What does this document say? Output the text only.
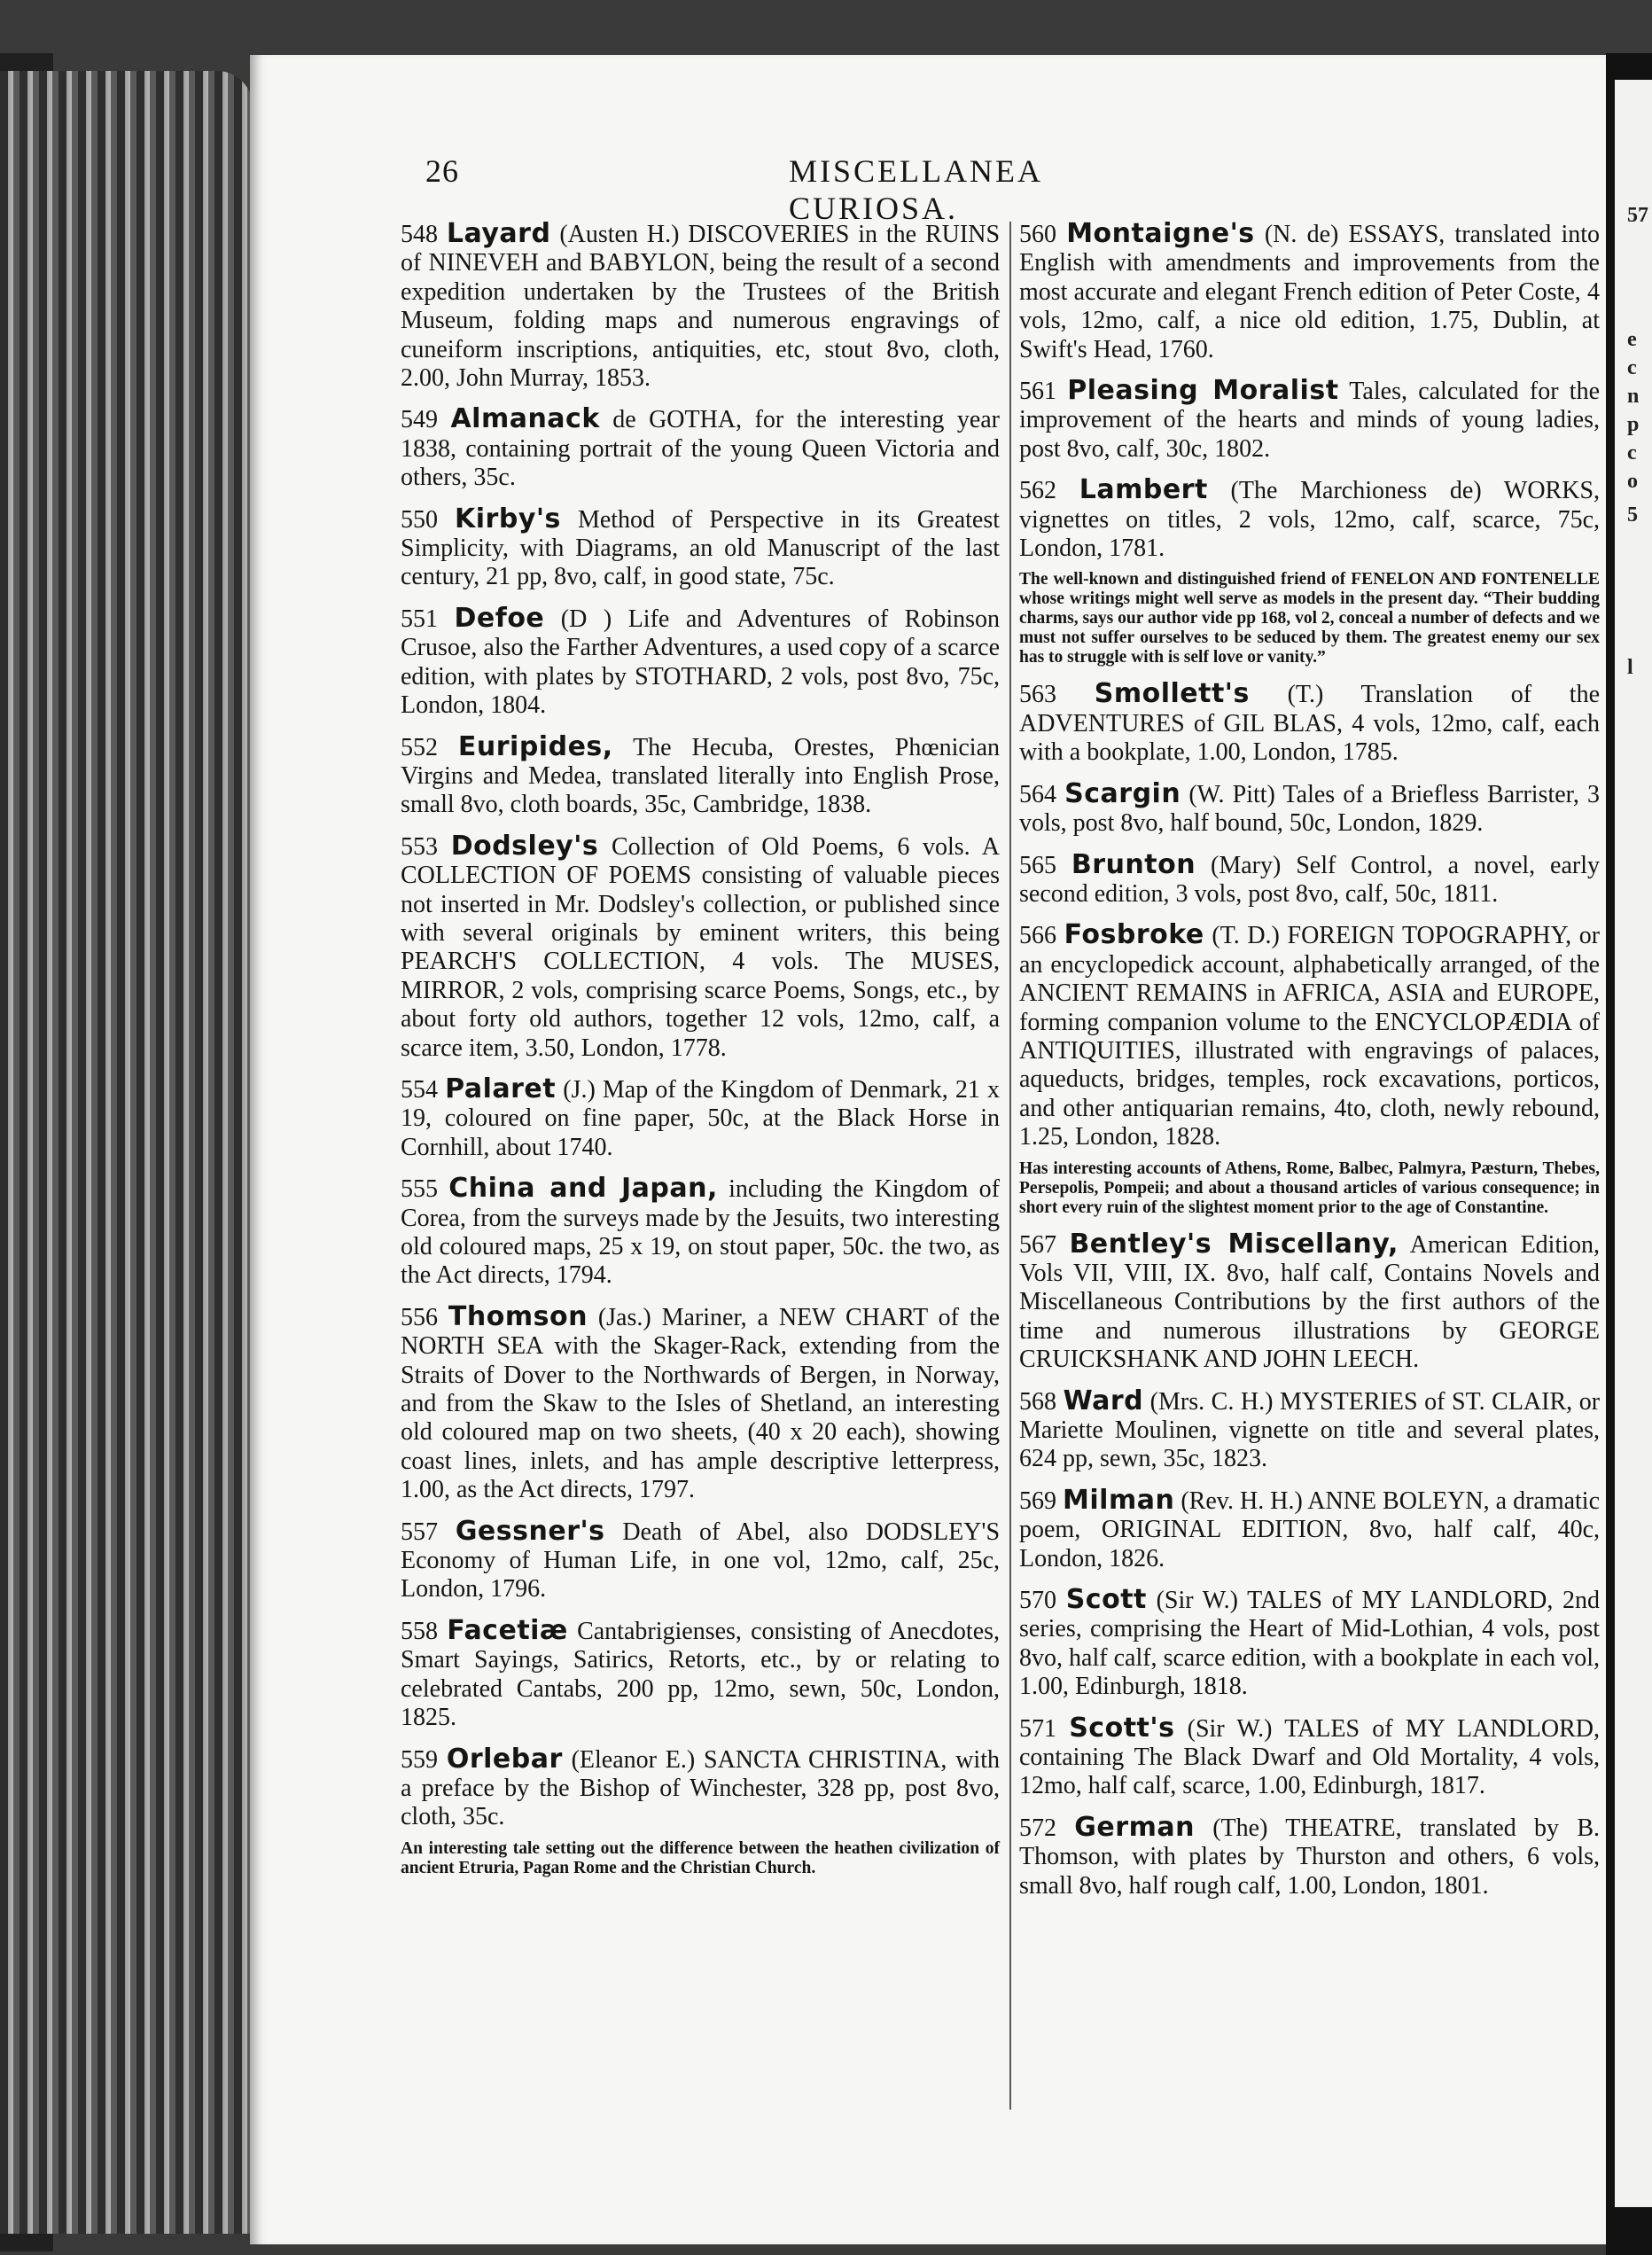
57
e
c
n
p
c
o
5
l
26	MISCELLANEA CURIOSA.
548 Layard (Austen H.) DISCOVERIES in the RUINS of NINEVEH and BABYLON, being the result of a second expedition undertaken by the Trustees of the British Museum, folding maps and numerous engravings of cuneiform inscriptions, antiquities, etc, stout 8vo, cloth, 2.00, John Murray, 1853.
549 Almanack de GOTHA, for the interesting year 1838, containing portrait of the young Queen Victoria and others, 35c.
550 Kirby's Method of Perspective in its Greatest Simplicity, with Diagrams, an old Manuscript of the last century, 21 pp, 8vo, calf, in good state, 75c.
551 Defoe (D ) Life and Adventures of Robinson Crusoe, also the Farther Adventures, a used copy of a scarce edition, with plates by STOTHARD, 2 vols, post 8vo, 75c, London, 1804.
552 Euripides, The Hecuba, Orestes, Phœnician Virgins and Medea, translated literally into English Prose, small 8vo, cloth boards, 35c, Cambridge, 1838.
553 Dodsley's Collection of Old Poems, 6 vols. A COLLECTION OF POEMS consisting of valuable pieces not inserted in Mr. Dodsley's collection, or published since with several originals by eminent writers, this being PEARCH'S COLLECTION, 4 vols. The MUSES, MIRROR, 2 vols, comprising scarce Poems, Songs, etc., by about forty old authors, together 12 vols, 12mo, calf, a scarce item, 3.50, London, 1778.
554 Palaret (J.) Map of the Kingdom of Denmark, 21 x 19, coloured on fine paper, 50c, at the Black Horse in Cornhill, about 1740.
555 China and Japan, including the Kingdom of Corea, from the surveys made by the Jesuits, two interesting old coloured maps, 25 x 19, on stout paper, 50c. the two, as the Act directs, 1794.
556 Thomson (Jas.) Mariner, a NEW CHART of the NORTH SEA with the Skager-Rack, extending from the Straits of Dover to the Northwards of Bergen, in Norway, and from the Skaw to the Isles of Shetland, an interesting old coloured map on two sheets, (40 x 20 each), showing coast lines, inlets, and has ample descriptive letterpress, 1.00, as the Act directs, 1797.
557 Gessner's Death of Abel, also DODSLEY'S Economy of Human Life, in one vol, 12mo, calf, 25c, London, 1796.
558 Facetiæ Cantabrigienses, consisting of Anecdotes, Smart Sayings, Satirics, Retorts, etc., by or relating to celebrated Cantabs, 200 pp, 12mo, sewn, 50c, London, 1825.
559 Orlebar (Eleanor E.) SANCTA CHRISTINA, with a preface by the Bishop of Winchester, 328 pp, post 8vo, cloth, 35c.
An interesting tale setting out the difference between the heathen civilization of ancient Etruria, Pagan Rome and the Christian Church.
560 Montaigne's (N. de) ESSAYS, translated into English with amendments and improvements from the most accurate and elegant French edition of Peter Coste, 4 vols, 12mo, calf, a nice old edition, 1.75, Dublin, at Swift's Head, 1760.
561 Pleasing Moralist Tales, calculated for the improvement of the hearts and minds of young ladies, post 8vo, calf, 30c, 1802.
562 Lambert (The Marchioness de) WORKS, vignettes on titles, 2 vols, 12mo, calf, scarce, 75c, London, 1781.
The well-known and distinguished friend of FENELON AND FONTENELLE whose writings might well serve as models in the present day. “Their budding charms, says our author vide pp 168, vol 2, conceal a number of defects and we must not suffer ourselves to be seduced by them. The greatest enemy our sex has to struggle with is self love or vanity.”
563 Smollett's (T.) Translation of the ADVENTURES of GIL BLAS, 4 vols, 12mo, calf, each with a bookplate, 1.00, London, 1785.
564 Scargin (W. Pitt) Tales of a Briefless Barrister, 3 vols, post 8vo, half bound, 50c, London, 1829.
565 Brunton (Mary) Self Control, a novel, early second edition, 3 vols, post 8vo, calf, 50c, 1811.
566 Fosbroke (T. D.) FOREIGN TOPOGRAPHY, or an encyclopedick account, alphabetically arranged, of the ANCIENT REMAINS in AFRICA, ASIA and EUROPE, forming companion volume to the ENCYCLOPÆDIA of ANTIQUITIES, illustrated with engravings of palaces, aqueducts, bridges, temples, rock excavations, porticos, and other antiquarian remains, 4to, cloth, newly rebound, 1.25, London, 1828.
Has interesting accounts of Athens, Rome, Balbec, Palmyra, Pæsturn, Thebes, Persepolis, Pompeii; and about a thousand articles of various consequence; in short every ruin of the slightest moment prior to the age of Constantine.
567 Bentley's Miscellany, American Edition, Vols VII, VIII, IX. 8vo, half calf, Contains Novels and Miscellaneous Contributions by the first authors of the time and numerous illustrations by GEORGE CRUICKSHANK AND JOHN LEECH.
568 Ward (Mrs. C. H.) MYSTERIES of ST. CLAIR, or Mariette Moulinen, vignette on title and several plates, 624 pp, sewn, 35c, 1823.
569 Milman (Rev. H. H.) ANNE BOLEYN, a dramatic poem, ORIGINAL EDITION, 8vo, half calf, 40c, London, 1826.
570 Scott (Sir W.) TALES of MY LANDLORD, 2nd series, comprising the Heart of Mid-Lothian, 4 vols, post 8vo, half calf, scarce edition, with a bookplate in each vol, 1.00, Edinburgh, 1818.
571 Scott's (Sir W.) TALES of MY LANDLORD, containing The Black Dwarf and Old Mortality, 4 vols, 12mo, half calf, scarce, 1.00, Edinburgh, 1817.
572 German (The) THEATRE, translated by B. Thomson, with plates by Thurston and others, 6 vols, small 8vo, half rough calf, 1.00, London, 1801.
